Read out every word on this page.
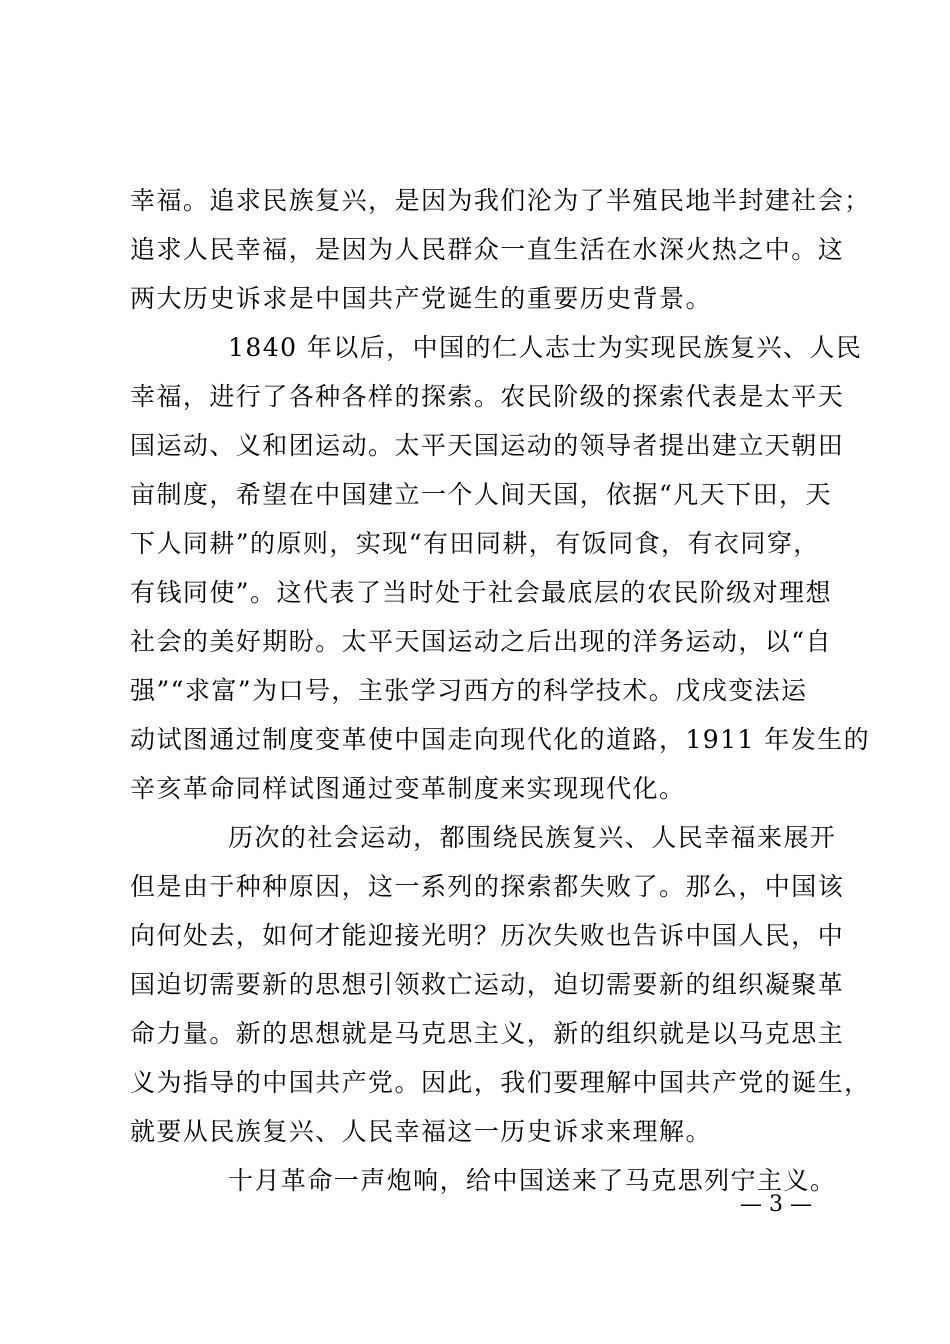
幸福。追求民族复兴，是因为我们沦为了半殖民地半封建社会；
追求人民幸福，是因为人民群众一直生活在水深火热之中。这
两大历史诉求是中国共产党诞生的重要历史背景。
1840 年以后，中国的仁人志士为实现民族复兴、人民
幸福，进行了各种各样的探索。农民阶级的探索代表是太平天
国运动、义和团运动。太平天国运动的领导者提出建立天朝田
亩制度，希望在中国建立一个人间天国，依据“凡天下田，天
下人同耕”的原则，实现“有田同耕，有饭同食，有衣同穿，
有钱同使”。这代表了当时处于社会最底层的农民阶级对理想
社会的美好期盼。太平天国运动之后出现的洋务运动，以“自
强”“求富”为口号，主张学习西方的科学技术。戊戌变法运
动试图通过制度变革使中国走向现代化的道路，1911 年发生的
辛亥革命同样试图通过变革制度来实现现代化。
历次的社会运动，都围绕民族复兴、人民幸福来展开
但是由于种种原因，这一系列的探索都失败了。那么，中国该
向何处去，如何才能迎接光明？历次失败也告诉中国人民，中
国迫切需要新的思想引领救亡运动，迫切需要新的组织凝聚革
命力量。新的思想就是马克思主义，新的组织就是以马克思主
义为指导的中国共产党。因此，我们要理解中国共产党的诞生，
就要从民族复兴、人民幸福这一历史诉求来理解。
十月革命一声炮响，给中国送来了马克思列宁主义。
— 3 —
